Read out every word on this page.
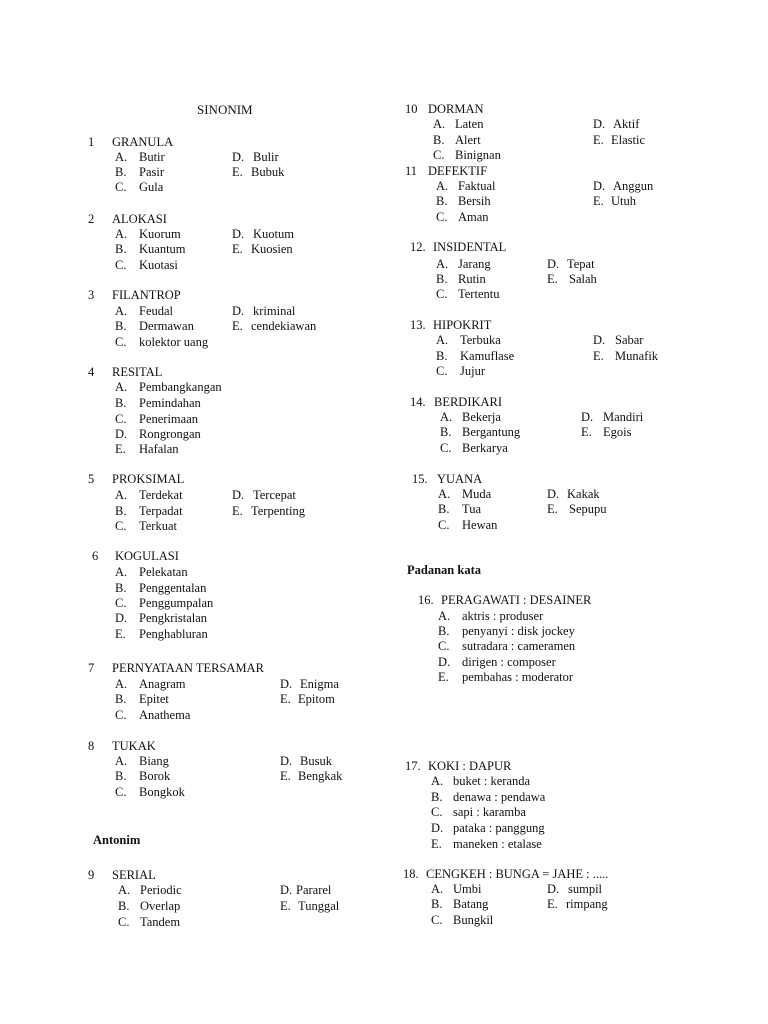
SINONIM
Antonim
Padanan kata
1 GRANULA
A. Butir
B. Pasir
C. Gula
D. Bulir
E. Bubuk
2 ALOKASI
A. Kuorum
B. Kuantum
C. Kuotasi
D. Kuotum
E. Kuosien
3 FILANTROP
A. Feudal
B. Dermawan
C. kolektor uang
D. kriminal
E. cendekiawan
4 RESITAL
A. Pembangkangan
B. Pemindahan
C. Penerimaan
D. Rongrongan
E. Hafalan
5 PROKSIMAL
A. Terdekat
B. Terpadat
C. Terkuat
D. Tercepat
E. Terpenting
6 KOGULASI
A. Pelekatan
B. Penggentalan
C. Penggumpalan
D. Pengkristalan
E. Penghabluran
7 PERNYATAAN TERSAMAR
A. Anagram
B. Epitet
C. Anathema
D. Enigma
E. Epitom
8 TUKAK
A. Biang
B. Borok
C. Bongkok
D. Busuk
E. Bengkak
9 SERIAL
A. Periodic
B. Overlap
C. Tandem
D. Pararel
E. Tunggal
10 DORMAN
A. Laten
B. Alert
C. Binignan
D. Aktif
E. Elastic
11 DEFEKTIF
A. Faktual
B. Bersih
C. Aman
D. Anggun
E. Utuh
12. INSIDENTAL
A. Jarang
B. Rutin
C. Tertentu
D. Tepat
E. Salah
13. HIPOKRIT
A. Terbuka
B. Kamuflase
C. Jujur
D. Sabar
E. Munafik
14. BERDIKARI
A. Bekerja
B. Bergantung
C. Berkarya
D. Mandiri
E. Egois
15. YUANA
A. Muda
B. Tua
C. Hewan
D. Kakak
E. Sepupu
16. PERAGAWATI : DESAINER
A. aktris : produser
B. penyanyi : disk jockey
C. sutradara : cameramen
D. dirigen : composer
E. pembahas : moderator
17. KOKI : DAPUR
A. buket : keranda
B. denawa : pendawa
C. sapi : karamba
D. pataka : panggung
E. maneken : etalase
18. CENGKEH : BUNGA = JAHE : .....
A. Umbi
B. Batang
C. Bungkil
D. sumpil
E. rimpang
